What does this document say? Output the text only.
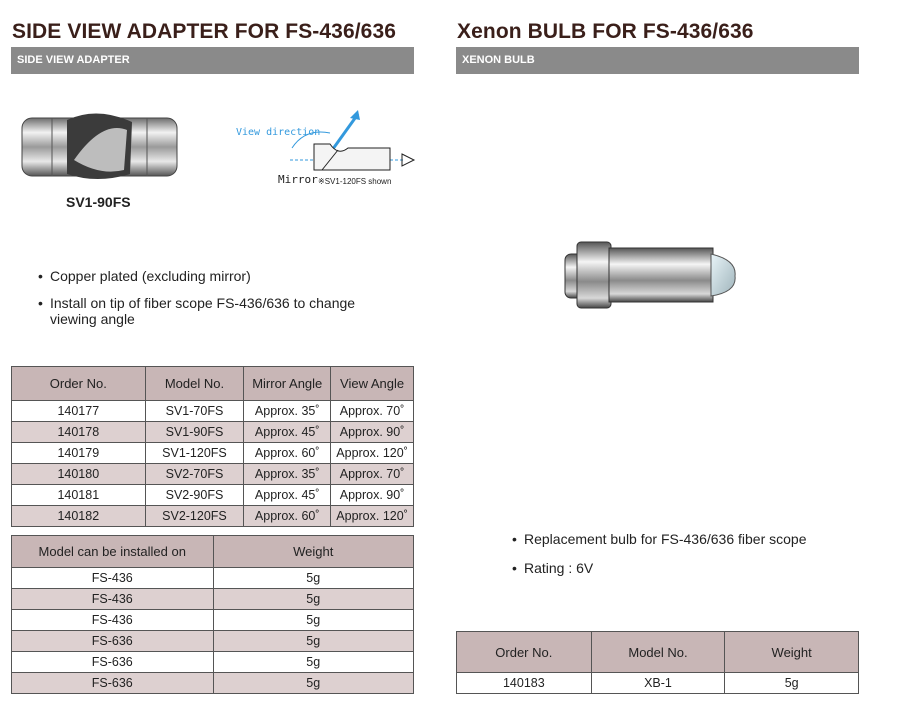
SIDE VIEW ADAPTER FOR FS-436/636
SIDE VIEW ADAPTER
SV1-90FS
View direction
Mirror ※SV1-120FS shown
• Copper plated (excluding mirror)
• Install on tip of fiber scope FS-436/636 to change viewing angle
Order No.	Model No.	Mirror Angle	View Angle
140177	SV1-70FS	Approx. 35˚	Approx. 70˚
140178	SV1-90FS	Approx. 45˚	Approx. 90˚
140179	SV1-120FS	Approx. 60˚	Approx. 120˚
140180	SV2-70FS	Approx. 35˚	Approx. 70˚
140181	SV2-90FS	Approx. 45˚	Approx. 90˚
140182	SV2-120FS	Approx. 60˚	Approx. 120˚
Model can be installed on	Weight
FS-436	5g
FS-436	5g
FS-436	5g
FS-636	5g
FS-636	5g
FS-636	5g
Xenon BULB FOR FS-436/636
XENON BULB
• Replacement bulb for FS-436/636 fiber scope
• Rating : 6V
Order No.	Model No.	Weight
140183	XB-1	5g
